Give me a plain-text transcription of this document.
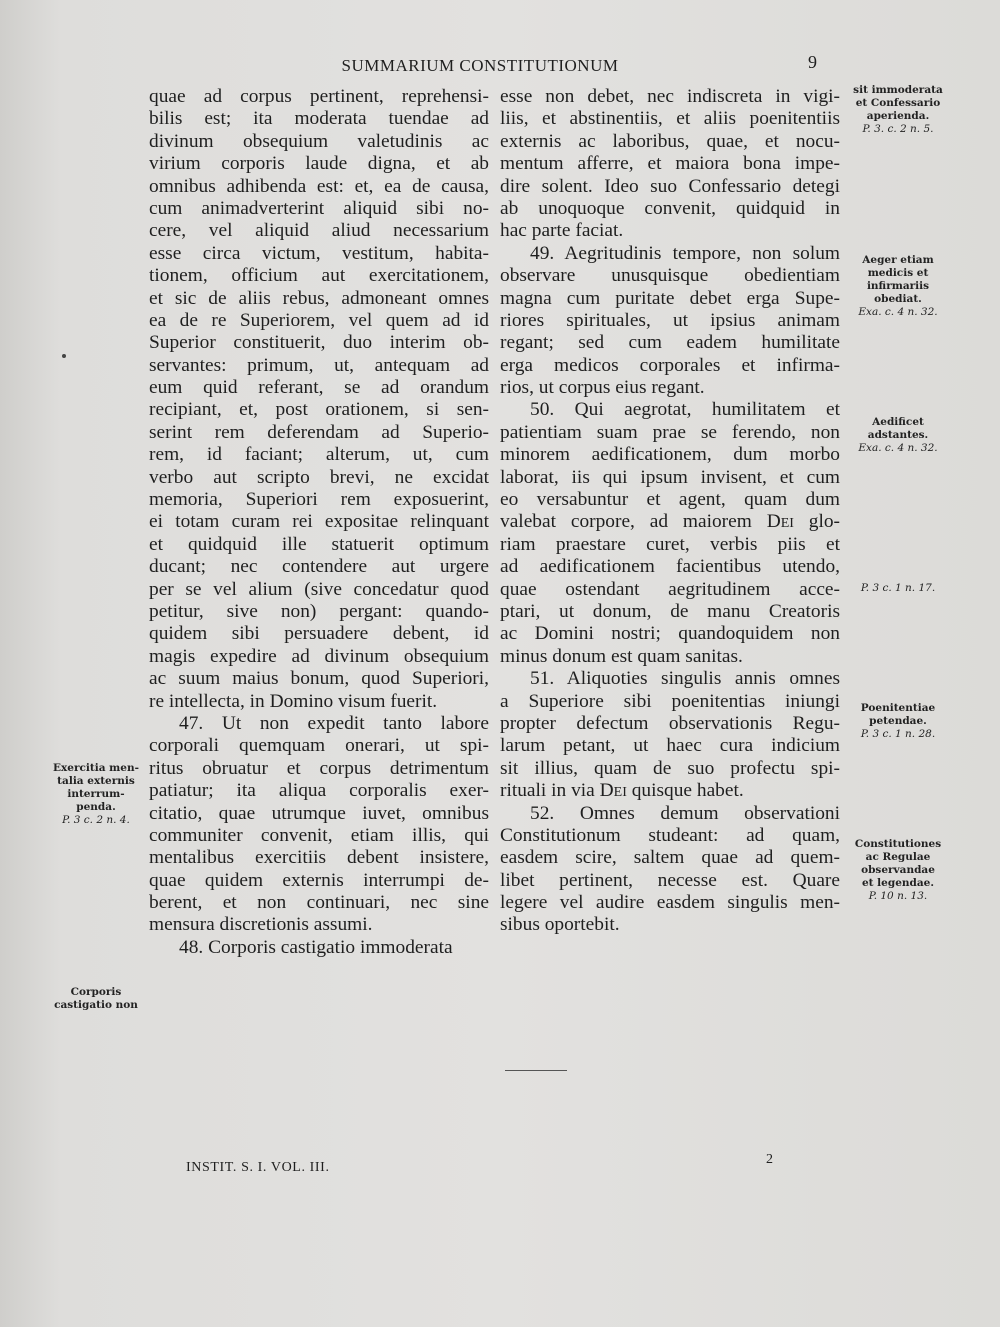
SUMMARIUM CONSTITUTIONUM	9
quae ad corpus pertinent, reprehensi-
bilis est; ita moderata tuendae ad
divinum obsequium valetudinis ac
virium corporis laude digna, et ab
omnibus adhibenda est: et, ea de causa,
cum animadverterint aliquid sibi no-
cere, vel aliquid aliud necessarium
esse circa victum, vestitum, habita-
tionem, officium aut exercitationem,
et sic de aliis rebus, admoneant omnes
ea de re Superiorem, vel quem ad id
Superior constituerit, duo interim ob-
servantes: primum, ut, antequam ad
eum quid referant, se ad orandum
recipiant, et, post orationem, si sen-
serint rem deferendam ad Superio-
rem, id faciant; alterum, ut, cum
verbo aut scripto brevi, ne excidat
memoria, Superiori rem exposuerint,
ei totam curam rei expositae relinquant
et quidquid ille statuerit optimum
ducant; nec contendere aut urgere
per se vel alium (sive concedatur quod
petitur, sive non) pergant: quando-
quidem sibi persuadere debent, id
magis expedire ad divinum obsequium
ac suum maius bonum, quod Superiori,
re intellecta, in Domino visum fuerit.
47. Ut non expedit tanto labore
corporali quemquam onerari, ut spi-
ritus obruatur et corpus detrimentum
patiatur; ita aliqua corporalis exer-
citatio, quae utrumque iuvet, omnibus
communiter convenit, etiam illis, qui
mentalibus exercitiis debent insistere,
quae quidem externis interrumpi de-
berent, et non continuari, nec sine
mensura discretionis assumi.
48. Corporis castigatio immoderata
esse non debet, nec indiscreta in vigi-
liis, et abstinentiis, et aliis poenitentiis
externis ac laboribus, quae, et nocu-
mentum afferre, et maiora bona impe-
dire solent. Ideo suo Confessario detegi
ab unoquoque convenit, quidquid in
hac parte faciat.
49. Aegritudinis tempore, non solum
observare unusquisque obedientiam
magna cum puritate debet erga Supe-
riores spirituales, ut ipsius animam
regant; sed cum eadem humilitate
erga medicos corporales et infirma-
rios, ut corpus eius regant.
50. Qui aegrotat, humilitatem et
patientiam suam prae se ferendo, non
minorem aedificationem, dum morbo
laborat, iis qui ipsum invisent, et cum
eo versabuntur et agent, quam dum
valebat corpore, ad maiorem Dei glo-
riam praestare curet, verbis piis et
ad aedificationem facientibus utendo,
quae ostendant aegritudinem acce-
ptari, ut donum, de manu Creatoris
ac Domini nostri; quandoquidem non
minus donum est quam sanitas.
51. Aliquoties singulis annis omnes
a Superiore sibi poenitentias iniungi
propter defectum observationis Regu-
larum petant, ut haec cura indicium
sit illius, quam de suo profectu spi-
rituali in via Dei quisque habet.
52. Omnes demum observationi
Constitutionum studeant: ad quam,
easdem scire, saltem quae ad quem-
libet pertinent, necesse est. Quare
legere vel audire easdem singulis men-
sibus oportebit.
Exercitia men-
talia externis
interrum-
penda.
P. 3 c. 2 n. 4.
Corporis
castigatio non
sit immoderata
et Confessario
aperienda.
P. 3. c. 2 n. 5.
Aeger etiam
medicis et
infirmariis
obediat.
Exa. c. 4 n. 32.
Aedificet
adstantes.
Exa. c. 4 n. 32.
P. 3 c. 1 n. 17.
Poenitentiae
petendae.
P. 3 c. 1 n. 28.
Constitutiones
ac Regulae
observandae
et legendae.
P. 10 n. 13.
INSTIT. S. I. VOL. III.
2
